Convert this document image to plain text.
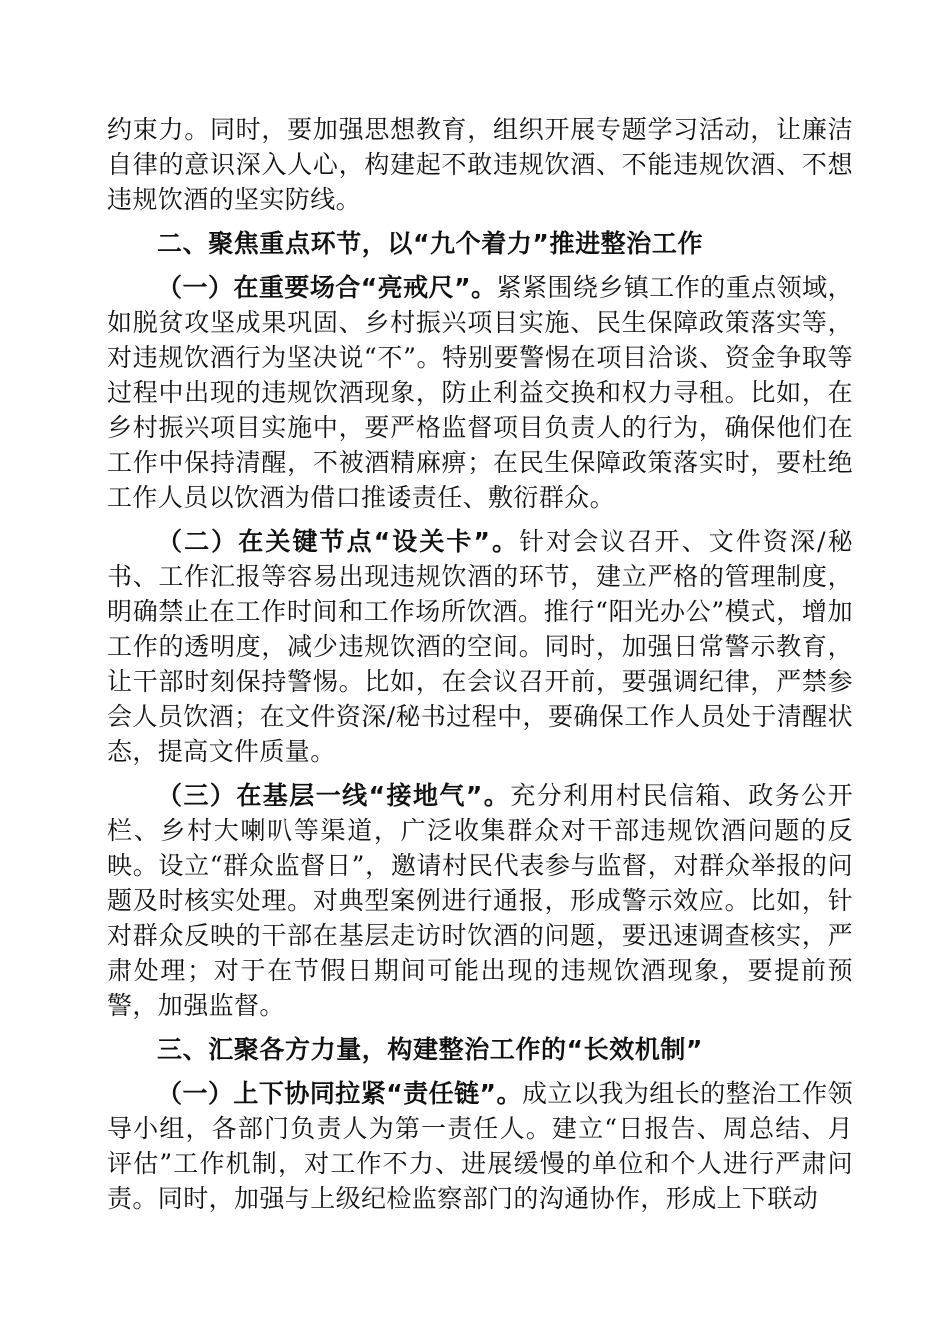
约束力。同时，要加强思想教育，组织开展专题学习活动，让廉洁自律的意识深入人心，构建起不敢违规饮酒、不能违规饮酒、不想违规饮酒的坚实防线。

二、聚焦重点环节，以“九个着力”推进整治工作

（一）在重要场合“亮戒尺”。紧紧围绕乡镇工作的重点领域，如脱贫攻坚成果巩固、乡村振兴项目实施、民生保障政策落实等，对违规饮酒行为坚决说“不”。特别要警惕在项目洽谈、资金争取等过程中出现的违规饮酒现象，防止利益交换和权力寻租。比如，在乡村振兴项目实施中，要严格监督项目负责人的行为，确保他们在工作中保持清醒，不被酒精麻痹；在民生保障政策落实时，要杜绝工作人员以饮酒为借口推诿责任、敷衍群众。

（二）在关键节点“设关卡”。针对会议召开、文件资深/秘书、工作汇报等容易出现违规饮酒的环节，建立严格的管理制度，明确禁止在工作时间和工作场所饮酒。推行“阳光办公”模式，增加工作的透明度，减少违规饮酒的空间。同时，加强日常警示教育，让干部时刻保持警惕。比如，在会议召开前，要强调纪律，严禁参会人员饮酒；在文件资深/秘书过程中，要确保工作人员处于清醒状态，提高文件质量。

（三）在基层一线“接地气”。充分利用村民信箱、政务公开栏、乡村大喇叭等渠道，广泛收集群众对干部违规饮酒问题的反映。设立“群众监督日”，邀请村民代表参与监督，对群众举报的问题及时核实处理。对典型案例进行通报，形成警示效应。比如，针对群众反映的干部在基层走访时饮酒的问题，要迅速调查核实，严肃处理；对于在节假日期间可能出现的违规饮酒现象，要提前预警，加强监督。

三、汇聚各方力量，构建整治工作的“长效机制”

（一）上下协同拉紧“责任链”。成立以我为组长的整治工作领导小组，各部门负责人为第一责任人。建立“日报告、周总结、月评估”工作机制，对工作不力、进展缓慢的单位和个人进行严肃问责。同时，加强与上级纪检监察部门的沟通协作，形成上下联动
